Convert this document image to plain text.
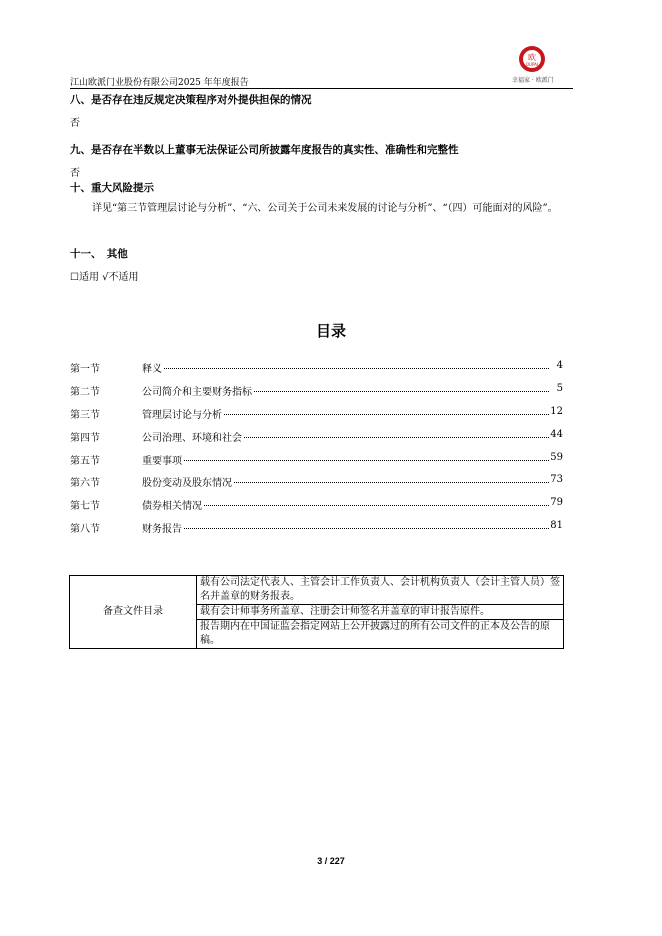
欧
OUPAI
幸福家 · 欧派门
江山欧派门业股份有限公司2025 年年度报告
八、是否存在违反规定决策程序对外提供担保的情况
否
九、是否存在半数以上董事无法保证公司所披露年度报告的真实性、准确性和完整性
否
十、重大风险提示
详见“第三节管理层讨论与分析”、“六、公司关于公司未来发展的讨论与分析”、“（四）可能面对的风险”。
十一、　其他
☐适用 √不适用
目录
第一节	释义	4
第二节	公司简介和主要财务指标	5
第三节	管理层讨论与分析	12
第四节	公司治理、环境和社会	44
第五节	重要事项	59
第六节	股份变动及股东情况	73
第七节	债券相关情况	79
第八节	财务报告	81
备查文件目录	载有公司法定代表人、主管会计工作负责人、会计机构负责人（会计主管人员）签名并盖章的财务报表。
载有会计师事务所盖章、注册会计师签名并盖章的审计报告原件。
报告期内在中国证监会指定网站上公开披露过的所有公司文件的正本及公告的原稿。
3 / 227
